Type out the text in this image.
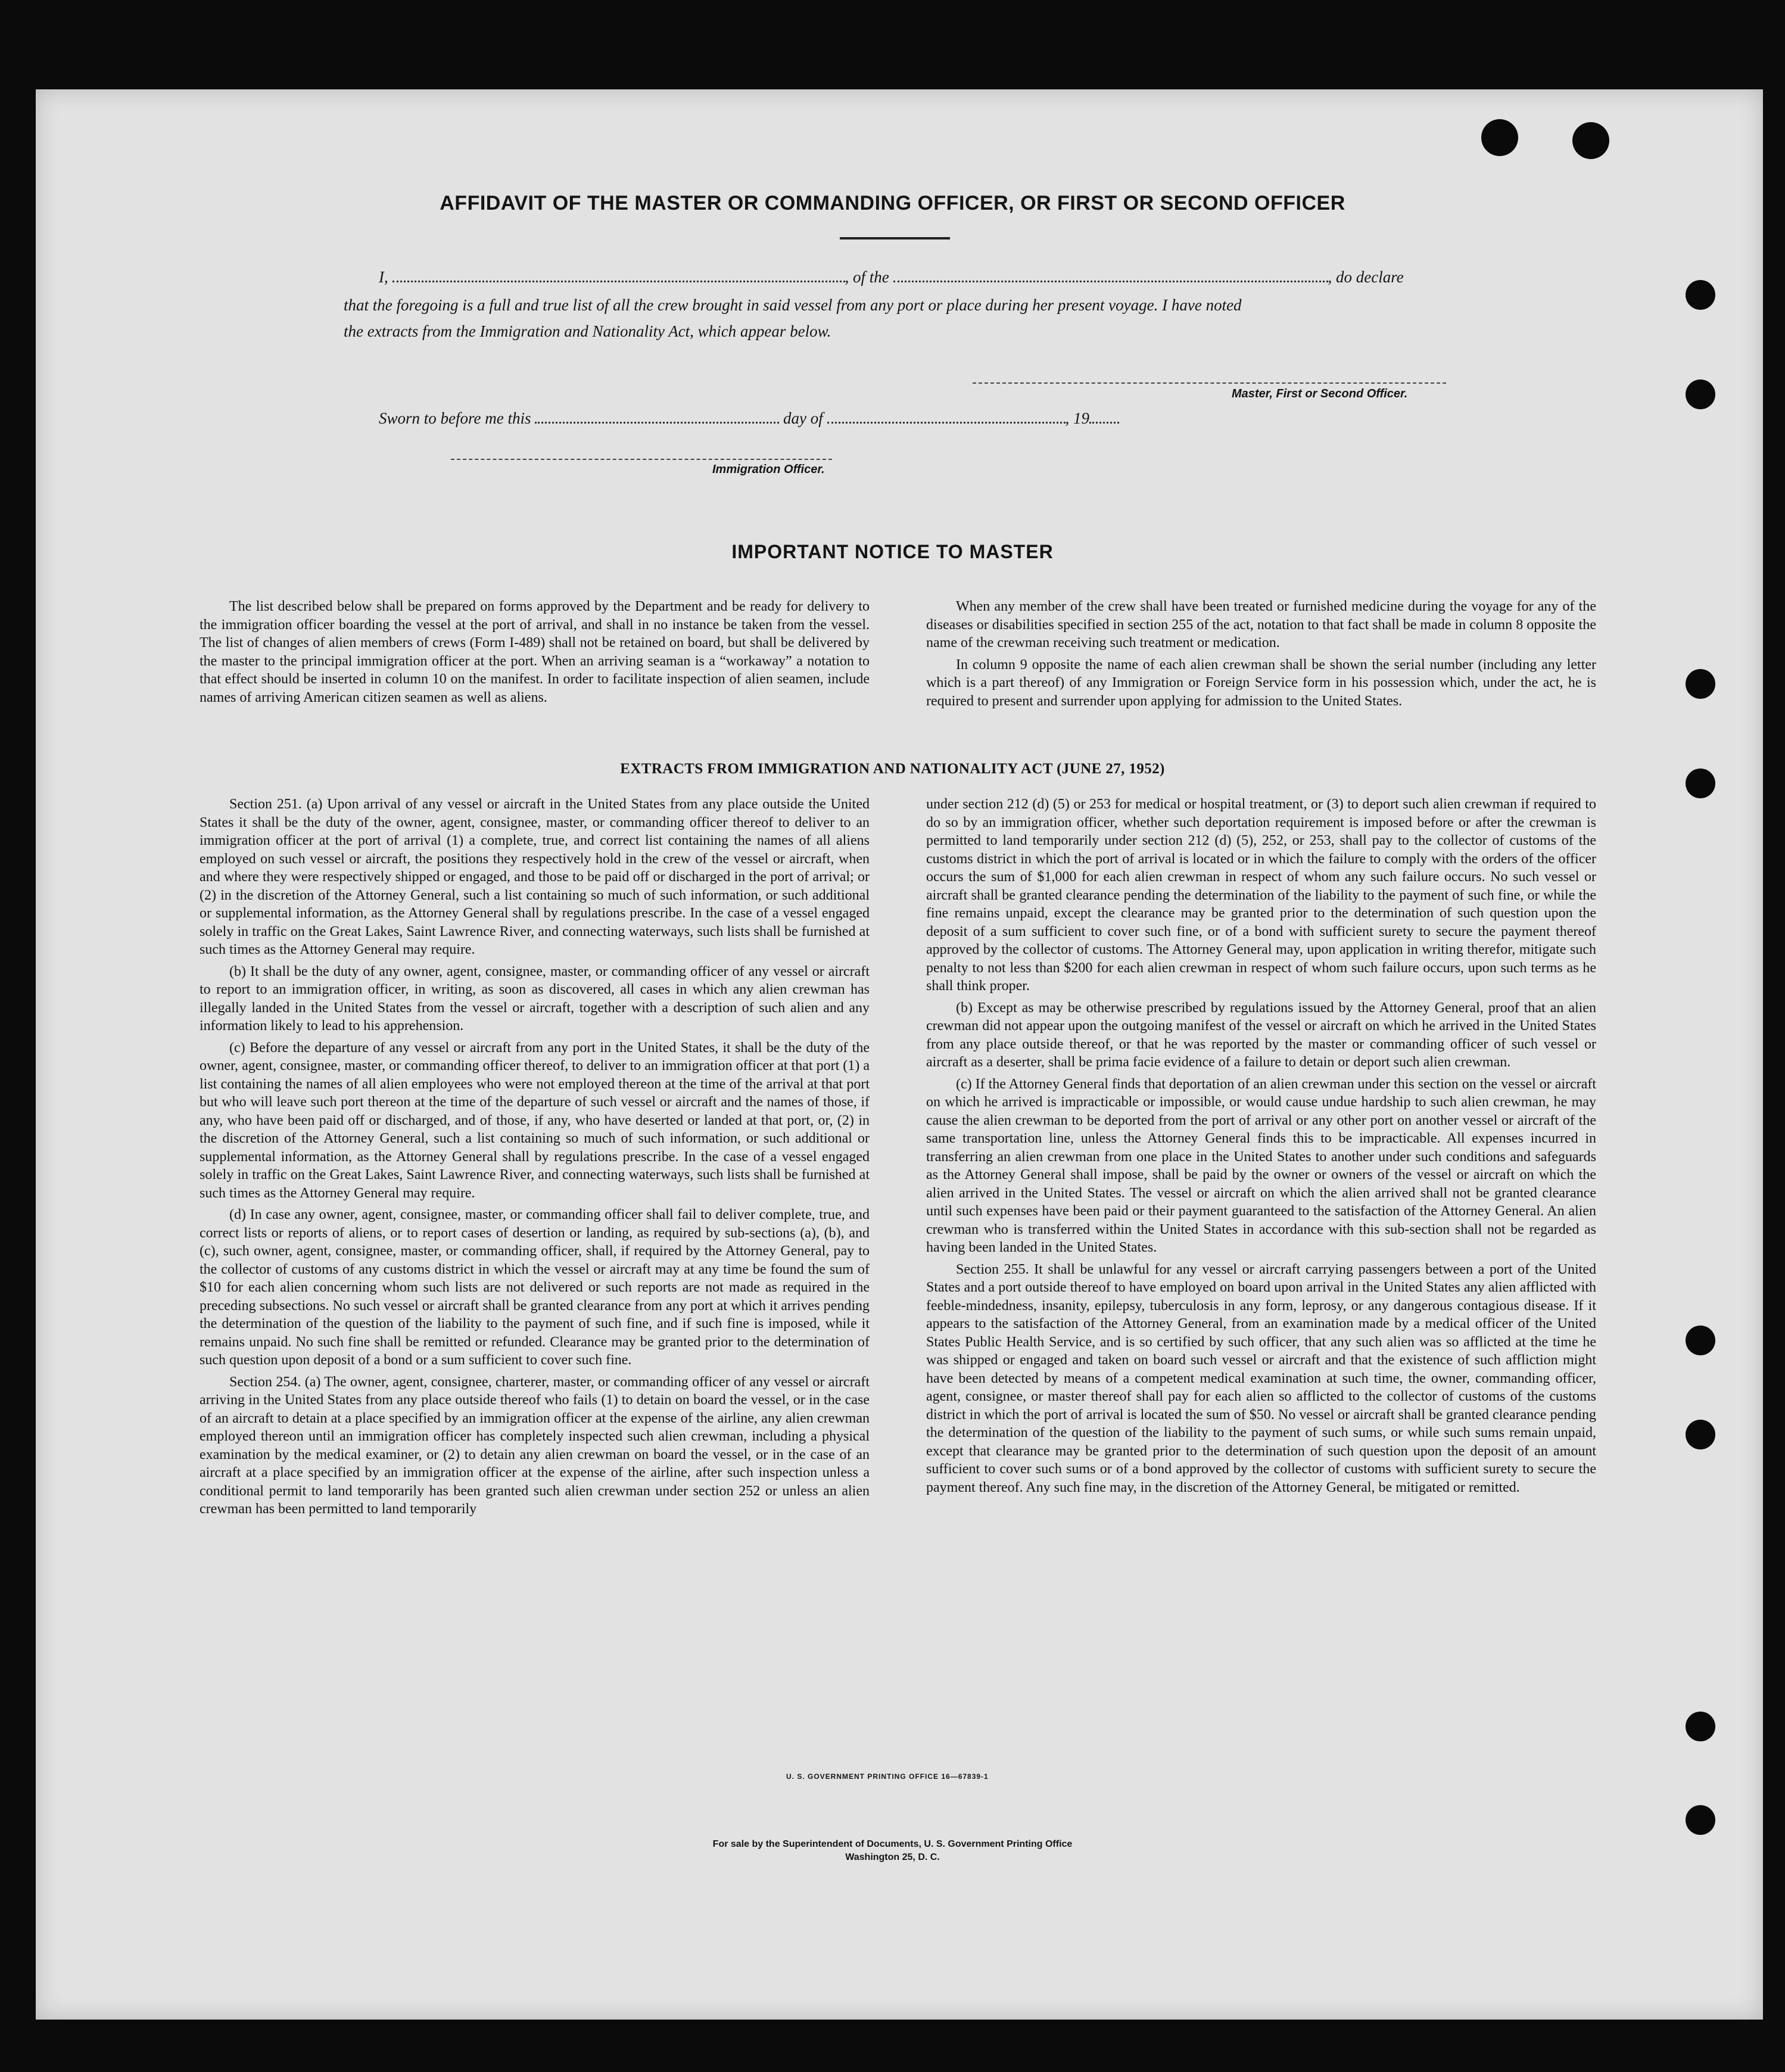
AFFIDAVIT OF THE MASTER OR COMMANDING OFFICER, OR FIRST OR SECOND OFFICER
I,	, of the	, do declare
that the foregoing is a full and true list of all the crew brought in said vessel from any port or place during her present voyage. I have noted
the extracts from the Immigration and Nationality Act, which appear below.
Master, First or Second Officer.
Sworn to before me this	day of	, 19
Immigration Officer.
IMPORTANT NOTICE TO MASTER

The list described below shall be prepared on forms approved by the Department and be ready for delivery to the immigration officer boarding the vessel at the port of arrival, and shall in no instance be taken from the vessel. The list of changes of alien members of crews (Form I-489) shall not be retained on board, but shall be delivered by the master to the principal immigration officer at the port. When an arriving seaman is a “workaway” a notation to that effect should be inserted in column 10 on the manifest. In order to facilitate inspection of alien seamen, include names of arriving American citizen seamen as well as aliens.

When any member of the crew shall have been treated or furnished medicine during the voyage for any of the diseases or disabilities specified in section 255 of the act, notation to that fact shall be made in column 8 opposite the name of the crewman receiving such treatment or medication.

In column 9 opposite the name of each alien crewman shall be shown the serial number (including any letter which is a part thereof) of any Immigration or Foreign Service form in his possession which, under the act, he is required to present and surrender upon applying for admission to the United States.

EXTRACTS FROM IMMIGRATION AND NATIONALITY ACT (JUNE 27, 1952)

Section 251. (a) Upon arrival of any vessel or aircraft in the United States from any place outside the United States it shall be the duty of the owner, agent, consignee, master, or commanding officer thereof to deliver to an immigration officer at the port of arrival (1) a complete, true, and correct list containing the names of all aliens employed on such vessel or aircraft, the positions they respectively hold in the crew of the vessel or aircraft, when and where they were respectively shipped or engaged, and those to be paid off or discharged in the port of arrival; or (2) in the discretion of the Attorney General, such a list containing so much of such information, or such additional or supplemental information, as the Attorney General shall by regulations prescribe. In the case of a vessel engaged solely in traffic on the Great Lakes, Saint Lawrence River, and connecting waterways, such lists shall be furnished at such times as the Attorney General may require.

(b) It shall be the duty of any owner, agent, consignee, master, or commanding officer of any vessel or aircraft to report to an immigration officer, in writing, as soon as discovered, all cases in which any alien crewman has illegally landed in the United States from the vessel or aircraft, together with a description of such alien and any information likely to lead to his apprehension.

(c) Before the departure of any vessel or aircraft from any port in the United States, it shall be the duty of the owner, agent, consignee, master, or commanding officer thereof, to deliver to an immigration officer at that port (1) a list containing the names of all alien employees who were not employed thereon at the time of the arrival at that port but who will leave such port thereon at the time of the departure of such vessel or aircraft and the names of those, if any, who have been paid off or discharged, and of those, if any, who have deserted or landed at that port, or, (2) in the discretion of the Attorney General, such a list containing so much of such information, or such additional or supplemental information, as the Attorney General shall by regulations prescribe. In the case of a vessel engaged solely in traffic on the Great Lakes, Saint Lawrence River, and connecting waterways, such lists shall be furnished at such times as the Attorney General may require.

(d) In case any owner, agent, consignee, master, or commanding officer shall fail to deliver complete, true, and correct lists or reports of aliens, or to report cases of desertion or landing, as required by sub-sections (a), (b), and (c), such owner, agent, consignee, master, or commanding officer, shall, if required by the Attorney General, pay to the collector of customs of any customs district in which the vessel or aircraft may at any time be found the sum of $10 for each alien concerning whom such lists are not delivered or such reports are not made as required in the preceding subsections. No such vessel or aircraft shall be granted clearance from any port at which it arrives pending the determination of the question of the liability to the payment of such fine, and if such fine is imposed, while it remains unpaid. No such fine shall be remitted or refunded. Clearance may be granted prior to the determination of such question upon deposit of a bond or a sum sufficient to cover such fine.

Section 254. (a) The owner, agent, consignee, charterer, master, or commanding officer of any vessel or aircraft arriving in the United States from any place outside thereof who fails (1) to detain on board the vessel, or in the case of an aircraft to detain at a place specified by an immigration officer at the expense of the airline, any alien crewman employed thereon until an immigration officer has completely inspected such alien crewman, including a physical examination by the medical examiner, or (2) to detain any alien crewman on board the vessel, or in the case of an aircraft at a place specified by an immigration officer at the expense of the airline, after such inspection unless a conditional permit to land temporarily has been granted such alien crewman under section 252 or unless an alien crewman has been permitted to land temporarily

under section 212 (d) (5) or 253 for medical or hospital treatment, or (3) to deport such alien crewman if required to do so by an immigration officer, whether such deportation requirement is imposed before or after the crewman is permitted to land temporarily under section 212 (d) (5), 252, or 253, shall pay to the collector of customs of the customs district in which the port of arrival is located or in which the failure to comply with the orders of the officer occurs the sum of $1,000 for each alien crewman in respect of whom any such failure occurs. No such vessel or aircraft shall be granted clearance pending the determination of the liability to the payment of such fine, or while the fine remains unpaid, except the clearance may be granted prior to the determination of such question upon the deposit of a sum sufficient to cover such fine, or of a bond with sufficient surety to secure the payment thereof approved by the collector of customs. The Attorney General may, upon application in writing therefor, mitigate such penalty to not less than $200 for each alien crewman in respect of whom such failure occurs, upon such terms as he shall think proper.

(b) Except as may be otherwise prescribed by regulations issued by the Attorney General, proof that an alien crewman did not appear upon the outgoing manifest of the vessel or aircraft on which he arrived in the United States from any place outside thereof, or that he was reported by the master or commanding officer of such vessel or aircraft as a deserter, shall be prima facie evidence of a failure to detain or deport such alien crewman.

(c) If the Attorney General finds that deportation of an alien crewman under this section on the vessel or aircraft on which he arrived is impracticable or impossible, or would cause undue hardship to such alien crewman, he may cause the alien crewman to be deported from the port of arrival or any other port on another vessel or aircraft of the same transportation line, unless the Attorney General finds this to be impracticable. All expenses incurred in transferring an alien crewman from one place in the United States to another under such conditions and safeguards as the Attorney General shall impose, shall be paid by the owner or owners of the vessel or aircraft on which the alien arrived in the United States. The vessel or aircraft on which the alien arrived shall not be granted clearance until such expenses have been paid or their payment guaranteed to the satisfaction of the Attorney General. An alien crewman who is transferred within the United States in accordance with this sub-section shall not be regarded as having been landed in the United States.

Section 255. It shall be unlawful for any vessel or aircraft carrying passengers between a port of the United States and a port outside thereof to have employed on board upon arrival in the United States any alien afflicted with feeble-mindedness, insanity, epilepsy, tuberculosis in any form, leprosy, or any dangerous contagious disease. If it appears to the satisfaction of the Attorney General, from an examination made by a medical officer of the United States Public Health Service, and is so certified by such officer, that any such alien was so afflicted at the time he was shipped or engaged and taken on board such vessel or aircraft and that the existence of such affliction might have been detected by means of a competent medical examination at such time, the owner, commanding officer, agent, consignee, or master thereof shall pay for each alien so afflicted to the collector of customs of the customs district in which the port of arrival is located the sum of $50. No vessel or aircraft shall be granted clearance pending the determination of the question of the liability to the payment of such sums, or while such sums remain unpaid, except that clearance may be granted prior to the determination of such question upon the deposit of an amount sufficient to cover such sums or of a bond approved by the collector of customs with sufficient surety to secure the payment thereof. Any such fine may, in the discretion of the Attorney General, be mitigated or remitted.

U. S. GOVERNMENT PRINTING OFFICE 16—67839-1
For sale by the Superintendent of Documents, U. S. Government Printing Office
Washington 25, D. C.
